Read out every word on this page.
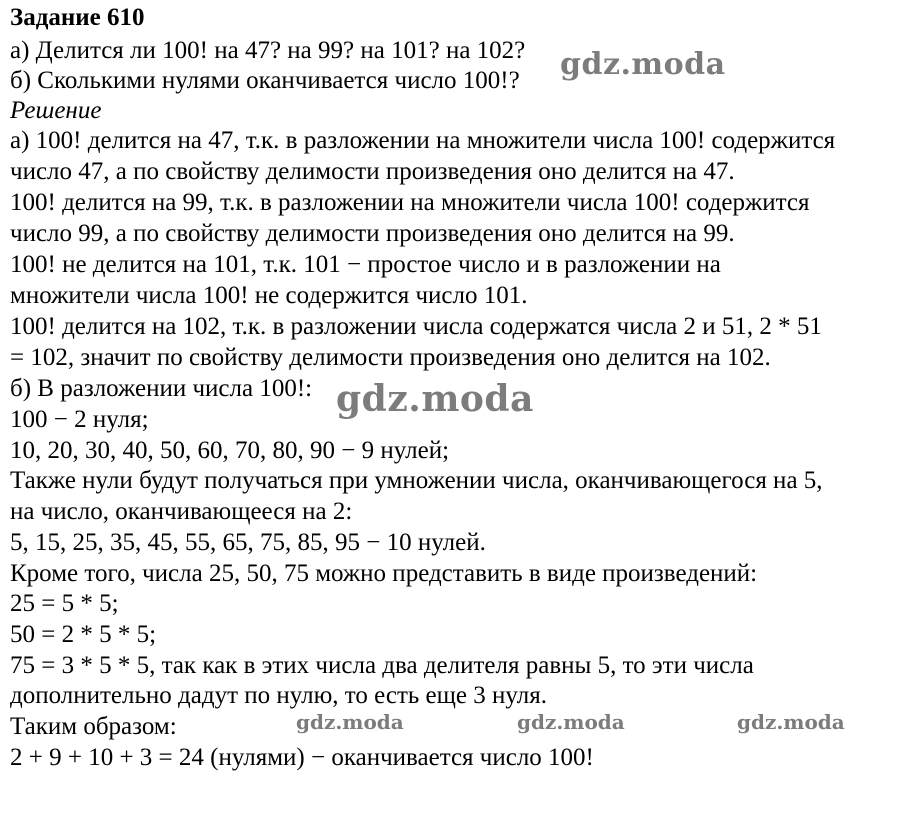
Задание 610
а) Делится ли 100! на 47? на 99? на 101? на 102?
б) Сколькими нулями оканчивается число 100!?
Решение
а) 100! делится на 47, т.к. в разложении на множители числа 100! содержится
число 47, а по свойству делимости произведения оно делится на 47.
100! делится на 99, т.к. в разложении на множители числа 100! содержится
число 99, а по свойству делимости произведения оно делится на 99.
100! не делится на 101, т.к. 101 − простое число и в разложении на
множители числа 100! не содержится число 101.
100! делится на 102, т.к. в разложении числа содержатся числа 2 и 51, 2 * 51
= 102, значит по свойству делимости произведения оно делится на 102.
б) В разложении числа 100!:
100 − 2 нуля;
10, 20, 30, 40, 50, 60, 70, 80, 90 − 9 нулей;
Также нули будут получаться при умножении числа, оканчивающегося на 5,
на число, оканчивающееся на 2:
5, 15, 25, 35, 45, 55, 65, 75, 85, 95 − 10 нулей.
Кроме того, числа 25, 50, 75 можно представить в виде произведений:
25 = 5 * 5;
50 = 2 * 5 * 5;
75 = 3 * 5 * 5, так как в этих числа два делителя равны 5, то эти числа
дополнительно дадут по нулю, то есть еще 3 нуля.
Таким образом:
2 + 9 + 10 + 3 = 24 (нулями) − оканчивается число 100!
gdz.moda
gdz.moda
gdz.moda	gdz.moda	gdz.moda
